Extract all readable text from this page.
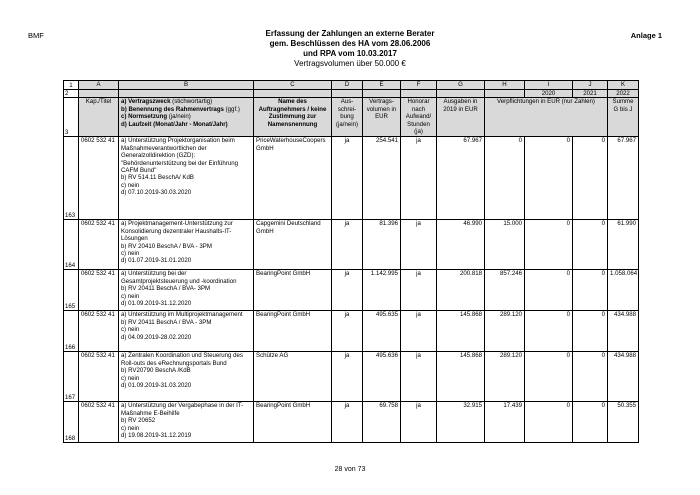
BMF	Anlage 1
Erfassung der Zahlungen an externe Berater
gem. Beschlüssen des HA vom 28.06.2006
und RPA vom 10.03.2017
Vertragsvolumen über 50.000 €
1	A	B	C	D	E	F	G	H	I	J	K
2									2020	2021	2022
3	Kap./Titel	a) Vertragszweck (stichwortartig)
b) Benennung des Rahmenvertrags (ggf.)
c) Normsetzung (ja/nein)
d) Laufzeit (Monat/Jahr - Monat/Jahr)	Name des Auftragnehmers / keine Zustimmung zur Namensnennung	Aus-schrei-bung (ja/nein)	Vertrags-volumen in EUR	Honorar nach Aufwand/ Stunden (ja)	Ausgaben in 2019 in EUR	Verpflichtungen in EUR (nur Zahlen)			Summe G bis J
163	0602 532 41	a) Unterstützung Projektorganisation beim Maßnahmeverantwortlichen der Generalzolldirektion (GZD): "Behördenunterstützung bei der Einführung CAFM Bund"
b) RV 514.11 BeschA/ KdB
c) nein
d) 07.10.2019-30.03.2020	PriceWaterhouseCoopers GmbH	ja	254.541	ja	67.967	0	0	0	67.967
164	0602 532 41	a) Projektmanagement-Unterstützung zur Konsolidierung dezentraler Haushalts-IT-Lösungen
b) RV 20410 BeschA / BVA - 3PM
c) nein
d) 01.07.2019-31.01.2020	Capgemini Deutschland GmbH	ja	81.396	ja	46.990	15.000	0	0	61.990
165	0602 532 41	a) Unterstützung bei der Gesamtprojektsteuerung und -koordination
b) RV 20411 BeschA / BVA- 3PM
c) nein
d) 01.09.2019-31.12.2020	BearingPoint GmbH	ja	1.142.995	ja	200.818	857.246	0	0	1.058.064
166	0602 532 41	a) Unterstützung im Multiprojektmanagement
b) RV 20411 BeschA / BVA - 3PM
c) nein
d) 04.09.2019-28.02.2020	BearingPoint GmbH	ja	495.635	ja	145.868	289.120	0	0	434.988
167	0602 532 41	a) Zentralen Koordination und Steuerung des Roll-outs des eRechnungsportals Bund
b) RV20790 BeschA /KdB
c) nein
d) 01.09.2019-31.03.2020	Schütze AG	ja	495.636	ja	145.868	289.120	0	0	434.988
168	0602 532 41	a) Unterstützung der Vergabephase in der IT-Maßnahme E-Beihilfe
b) RV 20652
c) nein
d) 19.08.2019-31.12.2019	BearingPoint GmbH	ja	69.758	ja	32.915	17.439	0	0	50.355
28 von 73
